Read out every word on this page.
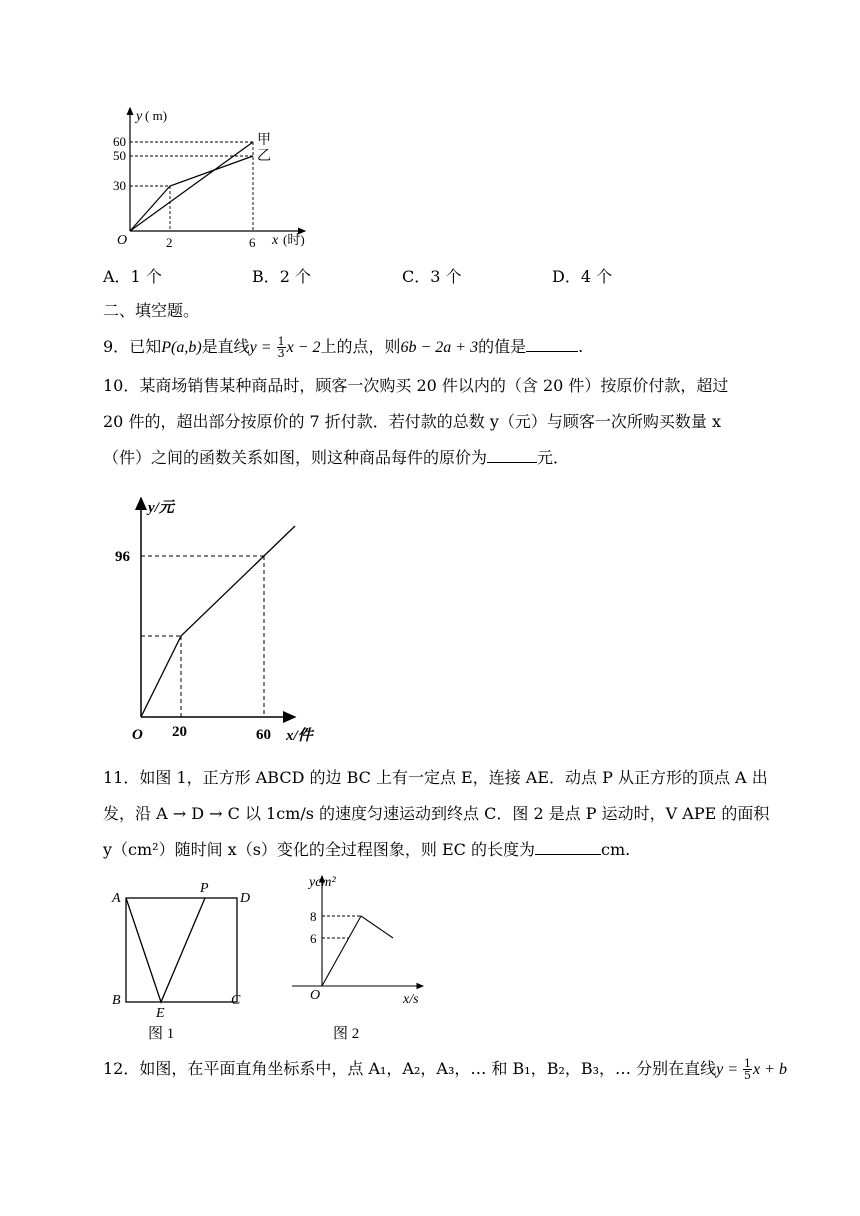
y ( m)
60
50
30
O	2	6 x (时)
甲
乙
A．1 个	B．2 个	C．3 个	D．4 个
二、填空题。
9．已知P(a,b)是直线$y = \frac{1}{3}$ x − 2上的点，则6b − 2a + 3的值是	.
10．某商场销售某种商品时，顾客一次购买 20 件以内的（含 20 件）按原价付款，超过
20 件的，超出部分按原价的 7 折付款．若付款的总数 y（元）与顾客一次所购买数量 x
（件）之间的函数关系如图，则这种商品每件的原价为	元．
y/元
96
O 20	60 x/件
11．如图 1，正方形 ABCD 的边 BC 上有一定点 E，连接 AE．动点 P 从正方形的顶点 A 出
发，沿 A → D → C 以 1cm/s 的速度匀速运动到终点 C．图 2 是点 P 运动时，V APE 的面积
y（cm²）随时间 x（s）变化的全过程图象，则 EC 的长度为	cm.
A
P
D
B
E
C
图 1
ycm²
8
6
O	x/s
图 2
12．如图，在平面直角坐标系中，点 A₁，A₂，A₃，… 和 B₁，B₂，B₃，… 分别在直线$y = \frac{1}{5}$ x + b
